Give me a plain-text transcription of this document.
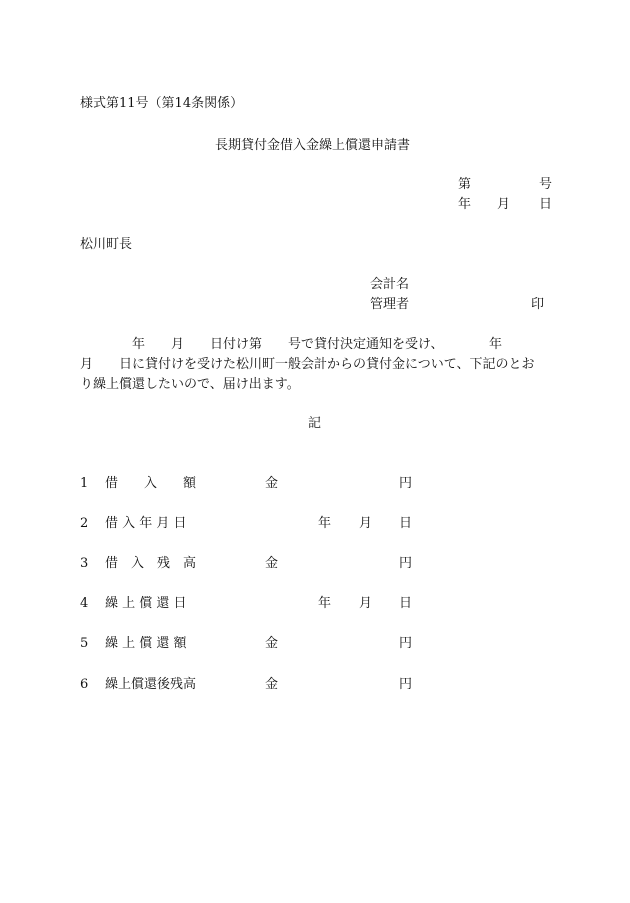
様式第11号（第14条関係）
長期貸付金借入金繰上償還申請書
第	号
年 月 日
松川町長
会計名
管理者	印
　　　　年　　月　　日付け第　　号で貸付決定通知を受け、　　　　年
月　　日に貸付けを受けた松川町一般会計からの貸付金について、下記のとお
り繰上償還したいので、届け出ます。
記
1 借　　入　　額	金	円
2 借 入 年 月 日	年 月 日
3 借　入　残　高	金	円
4 繰 上 償 還 日	年 月 日
5 繰 上 償 還 額	金	円
6 繰上償還後残高	金	円
